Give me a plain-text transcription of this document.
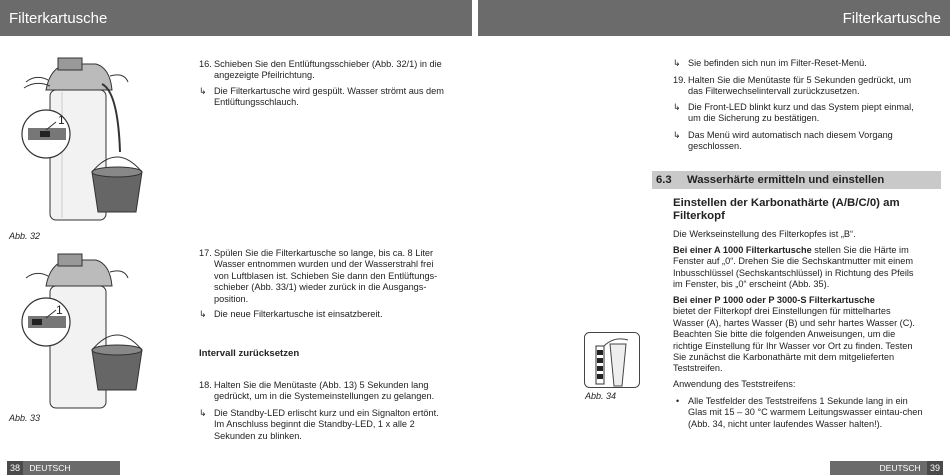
Filterkartusche	Filterkartusche
1
Abb. 32
1
Abb. 33
16. Schieben Sie den Entlüftungsschieber (Abb. 32/1) in die angezeigte Pfeilrichtung.
↳ Die Filterkartusche wird gespült. Wasser strömt aus dem Entlüftungsschlauch.
17. Spülen Sie die Filterkartusche so lange, bis ca. 8 Liter Wasser entnommen wurden und der Wasserstrahl frei von Luftblasen ist. Schieben Sie dann den Entlüftungs-schieber (Abb. 33/1) wieder zurück in die Ausgangs-position.
↳ Die neue Filterkartusche ist einsatzbereit.
Intervall zurücksetzen
18. Halten Sie die Menütaste (Abb. 13) 5 Sekunden lang gedrückt, um in die Systemeinstellungen zu gelangen.
↳ Die Standby-LED erlischt kurz und ein Signalton ertönt. Im Anschluss beginnt die Standby-LED, 1 x alle 2 Sekunden zu blinken.
↳ Sie befinden sich nun im Filter-Reset-Menü.
19. Halten Sie die Menütaste für 5 Sekunden gedrückt, um das Filterwechselintervall zurückzusetzen.
↳ Die Front-LED blinkt kurz und das System piept einmal, um die Sicherung zu bestätigen.
↳ Das Menü wird automatisch nach diesem Vorgang geschlossen.
6.3 Wasserhärte ermitteln und einstellen
Einstellen der Karbonathärte (A/B/C/0) am Filterkopf
Die Werkseinstellung des Filterkopfes ist „B“.
Bei einer A 1000 Filterkartusche stellen Sie die Härte im Fenster auf „0“. Drehen Sie die Sechskantmutter mit einem Inbusschlüssel (Sechskantschlüssel) in Richtung des Pfeils im Fenster, bis „0“ erscheint (Abb. 35).
Bei einer P 1000 oder P 3000-S Filterkartusche
bietet der Filterkopf drei Einstellungen für mittelhartes Wasser (A), hartes Wasser (B) und sehr hartes Wasser (C). Beachten Sie bitte die folgenden Anweisungen, um die richtige Einstellung für Ihr Wasser vor Ort zu finden. Testen Sie zunächst die Karbonathärte mit dem mitgelieferten Teststreifen.
Anwendung des Teststreifens:
• Alle Testfelder des Teststreifens 1 Sekunde lang in ein Glas mit 15 – 30 °C warmem Leitungswasser eintau-chen (Abb. 34, nicht unter laufendes Wasser halten!).
Abb. 34
38 DEUTSCH	DEUTSCH 39
